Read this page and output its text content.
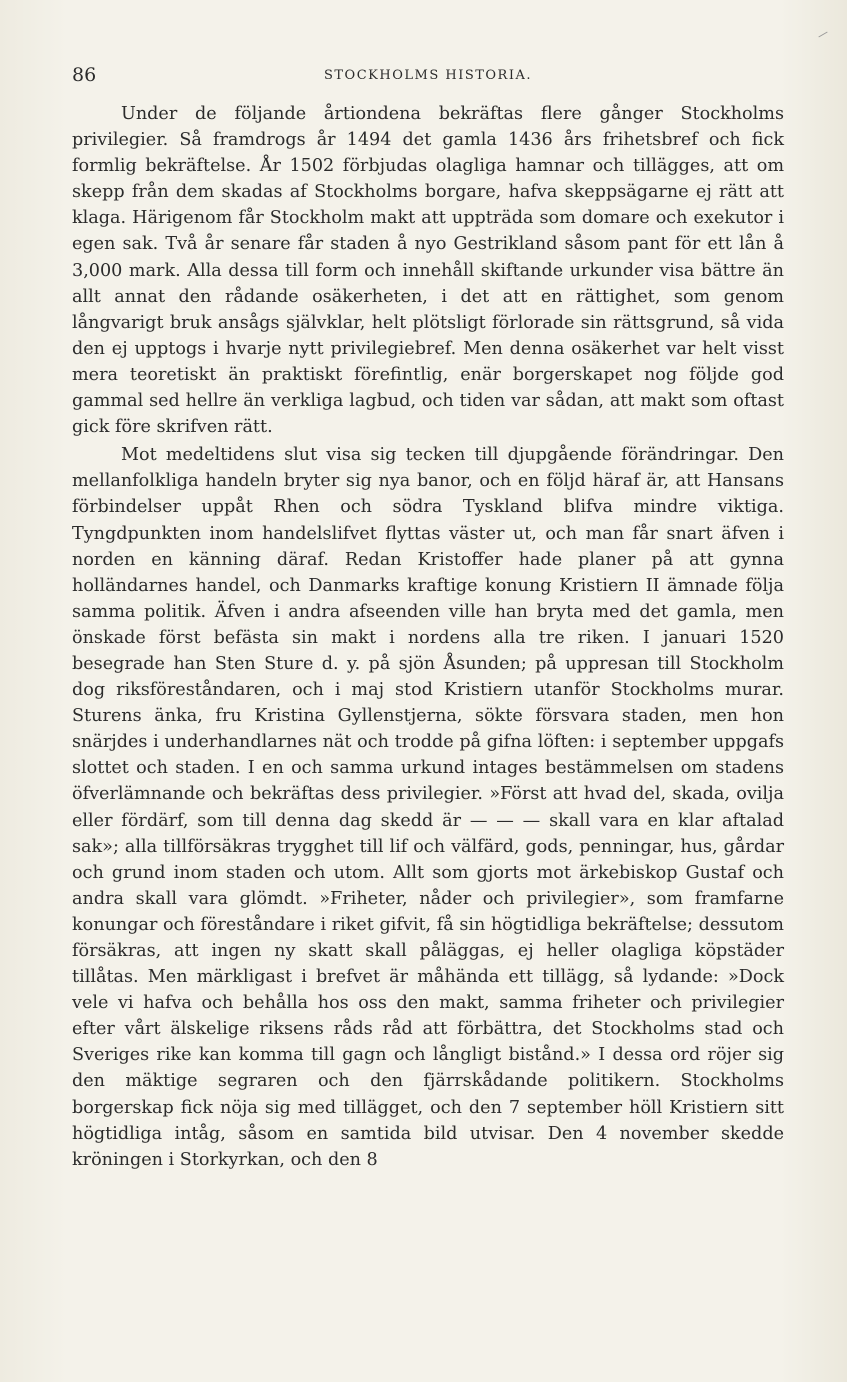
86	STOCKHOLMS HISTORIA.

Under de följande årtiondena bekräftas flere gånger Stockholms privilegier. Så framdrogs år 1494 det gamla 1436 års frihetsbref och fick formlig bekräftelse. År 1502 förbjudas olagliga hamnar och tillägges, att om skepp från dem skadas af Stockholms borgare, hafva skeppsägarne ej rätt att klaga. Härigenom får Stockholm makt att uppträda som domare och exekutor i egen sak. Två år senare får staden å nyo Gestrikland såsom pant för ett lån å 3,000 mark. Alla dessa till form och innehåll skiftande urkunder visa bättre än allt annat den rådande osäkerheten, i det att en rättighet, som genom långvarigt bruk ansågs självklar, helt plötsligt förlorade sin rättsgrund, så vida den ej upptogs i hvarje nytt privilegiebref. Men denna osäkerhet var helt visst mera teoretiskt än praktiskt förefintlig, enär borgerskapet nog följde god gammal sed hellre än verkliga lagbud, och tiden var sådan, att makt som oftast gick före skrifven rätt.

Mot medeltidens slut visa sig tecken till djupgående förändringar. Den mellanfolkliga handeln bryter sig nya banor, och en följd häraf är, att Hansans förbindelser uppåt Rhen och södra Tyskland blifva mindre viktiga. Tyngdpunkten inom handelslifvet flyttas väster ut, och man får snart äfven i norden en känning däraf. Redan Kristoffer hade planer på att gynna holländarnes handel, och Danmarks kraftige konung Kristiern II ämnade följa samma politik. Äfven i andra afseenden ville han bryta med det gamla, men önskade först befästa sin makt i nordens alla tre riken. I januari 1520 besegrade han Sten Sture d. y. på sjön Åsunden; på uppresan till Stockholm dog riksföreståndaren, och i maj stod Kristiern utanför Stockholms murar. Sturens änka, fru Kristina Gyllenstjerna, sökte försvara staden, men hon snärjdes i underhandlarnes nät och trodde på gifna löften: i september uppgafs slottet och staden. I en och samma urkund intages bestämmelsen om stadens öfverlämnande och bekräftas dess privilegier. »Först att hvad del, skada, ovilja eller fördärf, som till denna dag skedd är — — — skall vara en klar aftalad sak»; alla tillförsäkras trygghet till lif och välfärd, gods, penningar, hus, gårdar och grund inom staden och utom. Allt som gjorts mot ärkebiskop Gustaf och andra skall vara glömdt. »Friheter, nåder och privilegier», som framfarne konungar och föreståndare i riket gifvit, få sin högtidliga bekräftelse; dessutom försäkras, att ingen ny skatt skall påläggas, ej heller olagliga köpstäder tillåtas. Men märkligast i brefvet är måhända ett tillägg, så lydande: »Dock vele vi hafva och behålla hos oss den makt, samma friheter och privilegier efter vårt älskelige riksens råds råd att förbättra, det Stockholms stad och Sveriges rike kan komma till gagn och långligt bistånd.» I dessa ord röjer sig den mäktige segraren och den fjärrskådande politikern. Stockholms borgerskap fick nöja sig med tillägget, och den 7 september höll Kristiern sitt högtidliga intåg, såsom en samtida bild utvisar. Den 4 november skedde kröningen i Storkyrkan, och den 8
